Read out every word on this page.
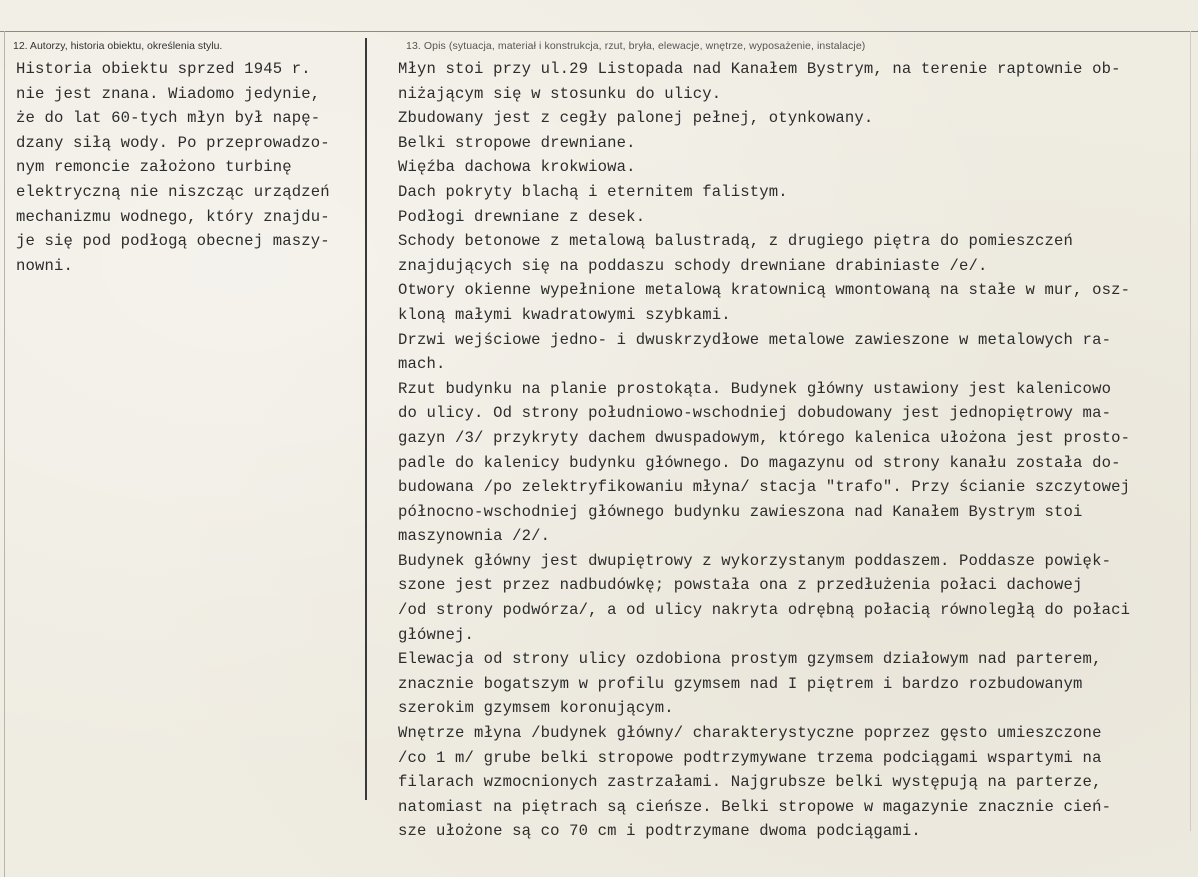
12. Autorzy, historia obiektu, określenia stylu.	13. Opis (sytuacja, materiał i konstrukcja, rzut, bryła, elewacje, wnętrze, wyposażenie, instalacje)
Historia obiektu sprzed 1945 r.
nie jest znana. Wiadomo jedynie,
że do lat 60-tych młyn był napę-
dzany siłą wody. Po przeprowadzo-
nym remoncie założono turbinę
elektryczną nie niszcząc urządzeń
mechanizmu wodnego, który znajdu-
je się pod podłogą obecnej maszy-
nowni.
Młyn stoi przy ul.29 Listopada nad Kanałem Bystrym, na terenie raptownie ob-
niżającym się w stosunku do ulicy.
Zbudowany jest z cegły palonej pełnej, otynkowany.
Belki stropowe drewniane.
Więźba dachowa krokwiowa.
Dach pokryty blachą i eternitem falistym.
Podłogi drewniane z desek.
Schody betonowe z metalową balustradą, z drugiego piętra do pomieszczeń
znajdujących się na poddaszu schody drewniane drabiniaste /e/.
Otwory okienne wypełnione metalową kratownicą wmontowaną na stałe w mur, osz-
kloną małymi kwadratowymi szybkami.
Drzwi wejściowe jedno- i dwuskrzydłowe metalowe zawieszone w metalowych ra-
mach.
Rzut budynku na planie prostokąta. Budynek główny ustawiony jest kalenicowo
do ulicy. Od strony południowo-wschodniej dobudowany jest jednopiętrowy ma-
gazyn /3/ przykryty dachem dwuspadowym, którego kalenica ułożona jest prosto-
padle do kalenicy budynku głównego. Do magazynu od strony kanału została do-
budowana /po zelektryfikowaniu młyna/ stacja "trafo". Przy ścianie szczytowej
północno-wschodniej głównego budynku zawieszona nad Kanałem Bystrym stoi
maszynownia /2/.
Budynek główny jest dwupiętrowy z wykorzystanym poddaszem. Poddasze powięk-
szone jest przez nadbudówkę; powstała ona z przedłużenia połaci dachowej
/od strony podwórza/, a od ulicy nakryta odrębną połacią równoległą do połaci
głównej.
Elewacja od strony ulicy ozdobiona prostym gzymsem działowym nad parterem,
znacznie bogatszym w profilu gzymsem nad I piętrem i bardzo rozbudowanym
szerokim gzymsem koronującym.
Wnętrze młyna /budynek główny/ charakterystyczne poprzez gęsto umieszczone
/co 1 m/ grube belki stropowe podtrzymywane trzema podciągami wspartymi na
filarach wzmocnionych zastrzałami. Najgrubsze belki występują na parterze,
natomiast na piętrach są cieńsze. Belki stropowe w magazynie znacznie cień-
sze ułożone są co 70 cm i podtrzymane dwoma podciągami.
